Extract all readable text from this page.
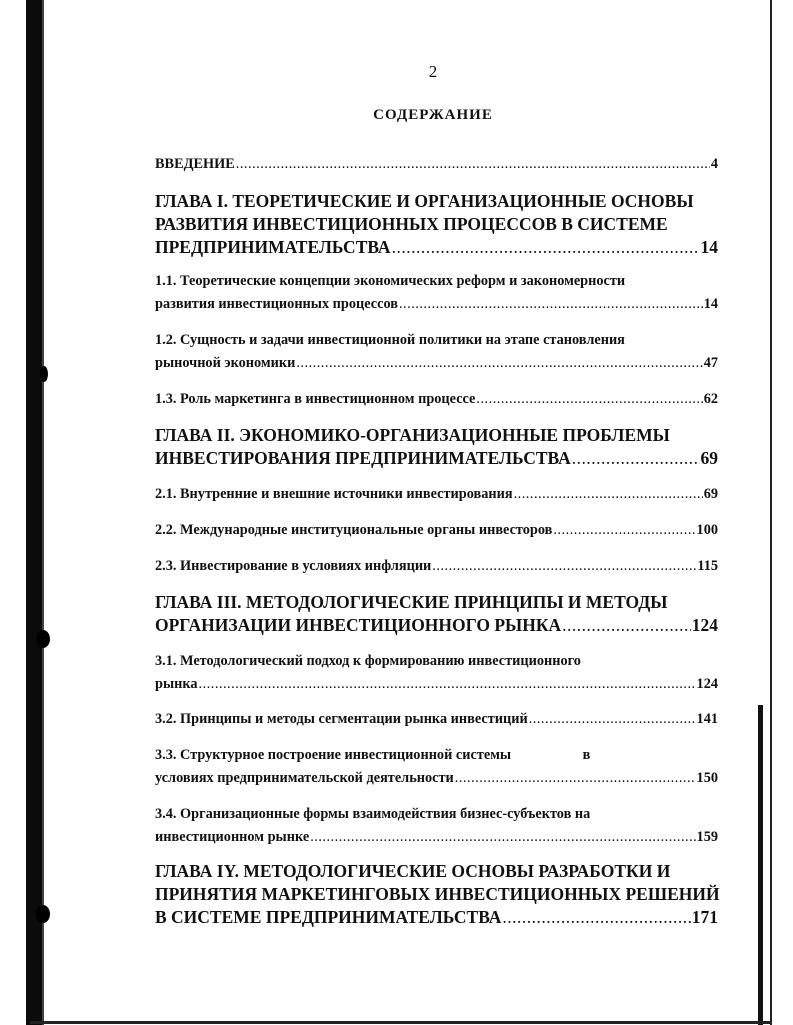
2
СОДЕРЖАНИЕ
ВВЕДЕНИЕ .....	4
ГЛАВА I. ТЕОРЕТИЧЕСКИЕ И ОРГАНИЗАЦИОННЫЕ ОСНОВЫ
РАЗВИТИЯ ИНВЕСТИЦИОННЫХ ПРОЦЕССОВ В СИСТЕМЕ
ПРЕДПРИНИМАТЕЛЬСТВА .....	14
1.1. Теоретические концепции экономических реформ и закономерности
развития инвестиционных процессов .....	14
1.2. Сущность и задачи инвестиционной политики на этапе становления
рыночной экономики .....	47
1.3. Роль маркетинга в инвестиционном процессе .....	62
ГЛАВА II. ЭКОНОМИКО-ОРГАНИЗАЦИОННЫЕ ПРОБЛЕМЫ
ИНВЕСТИРОВАНИЯ ПРЕДПРИНИМАТЕЛЬСТВА .....	69
2.1. Внутренние и внешние источники инвестирования .....	69
2.2. Международные институциональные органы инвесторов .....	100
2.3. Инвестирование в условиях инфляции .....	115
ГЛАВА III. МЕТОДОЛОГИЧЕСКИЕ ПРИНЦИПЫ И МЕТОДЫ
ОРГАНИЗАЦИИ ИНВЕСТИЦИОННОГО РЫНКА .....	124
3.1. Методологический подход к формированию инвестиционного
рынка .....	124
3.2. Принципы и методы сегментации рынка инвестиций .....	141
3.3. Структурное построение инвестиционной системы                    в
условиях предпринимательской деятельности .....	150
3.4. Организационные формы взаимодействия бизнес-субъектов на
инвестиционном рынке .....	159
ГЛАВА IY. МЕТОДОЛОГИЧЕСКИЕ ОСНОВЫ РАЗРАБОТКИ И
ПРИНЯТИЯ МАРКЕТИНГОВЫХ ИНВЕСТИЦИОННЫХ РЕШЕНИЙ
В СИСТЕМЕ ПРЕДПРИНИМАТЕЛЬСТВА .....	171
